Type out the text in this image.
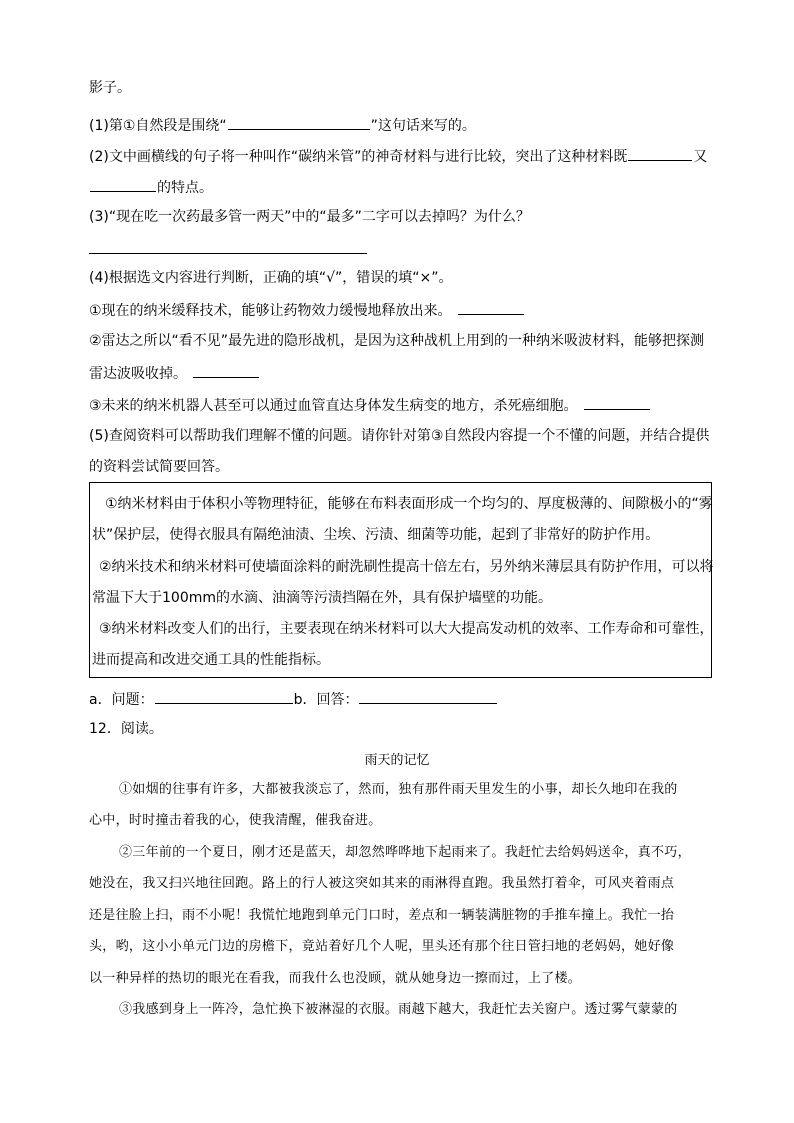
影子。
(1)第①自然段是围绕“	”这句话来写的。
(2)文中画横线的句子将一种叫作“碳纳米管”的神奇材料与进行比较，突出了这种材料既	又
的特点。
(3)“现在吃一次药最多管一两天”中的“最多”二字可以去掉吗？为什么？
(4)根据选文内容进行判断，正确的填“√”，错误的填“×”。
①现在的纳米缓释技术，能够让药物效力缓慢地释放出来。
②雷达之所以“看不见”最先进的隐形战机，是因为这种战机上用到的一种纳米吸波材料，能够把探测
雷达波吸收掉。
③未来的纳米机器人甚至可以通过血管直达身体发生病变的地方，杀死癌细胞。
(5)查阅资料可以帮助我们理解不懂的问题。请你针对第③自然段内容提一个不懂的问题，并结合提供
的资料尝试简要回答。
①纳米材料由于体积小等物理特征，能够在布料表面形成一个均匀的、厚度极薄的、间隙极小的“雾
状”保护层，使得衣服具有隔绝油渍、尘埃、污渍、细菌等功能，起到了非常好的防护作用。
②纳米技术和纳米材料可使墙面涂料的耐洗刷性提高十倍左右，另外纳米薄层具有防护作用，可以将
常温下大于100mm的水滴、油滴等污渍挡隔在外，具有保护墙壁的功能。
③纳米材料改变人们的出行，主要表现在纳米材料可以大大提高发动机的效率、工作寿命和可靠性，
进而提高和改进交通工具的性能指标。
a．问题：	b．回答：
12．阅读。
雨天的记忆
①如烟的往事有许多，大都被我淡忘了，然而，独有那件雨天里发生的小事，却长久地印在我的
心中，时时撞击着我的心，使我清醒，催我奋进。
②三年前的一个夏日，刚才还是蓝天，却忽然哗哗地下起雨来了。我赶忙去给妈妈送伞，真不巧，
她没在，我又扫兴地往回跑。路上的行人被这突如其来的雨淋得直跑。我虽然打着伞，可风夹着雨点
还是往脸上扫，雨不小呢！我慌忙地跑到单元门口时，差点和一辆装满脏物的手推车撞上。我忙一抬
头，哟，这小小单元门边的房檐下，竟站着好几个人呢，里头还有那个往日管扫地的老妈妈，她好像
以一种异样的热切的眼光在看我，而我什么也没顾，就从她身边一擦而过，上了楼。
③我感到身上一阵冷，急忙换下被淋湿的衣服。雨越下越大，我赶忙去关窗户。透过雾气蒙蒙的
